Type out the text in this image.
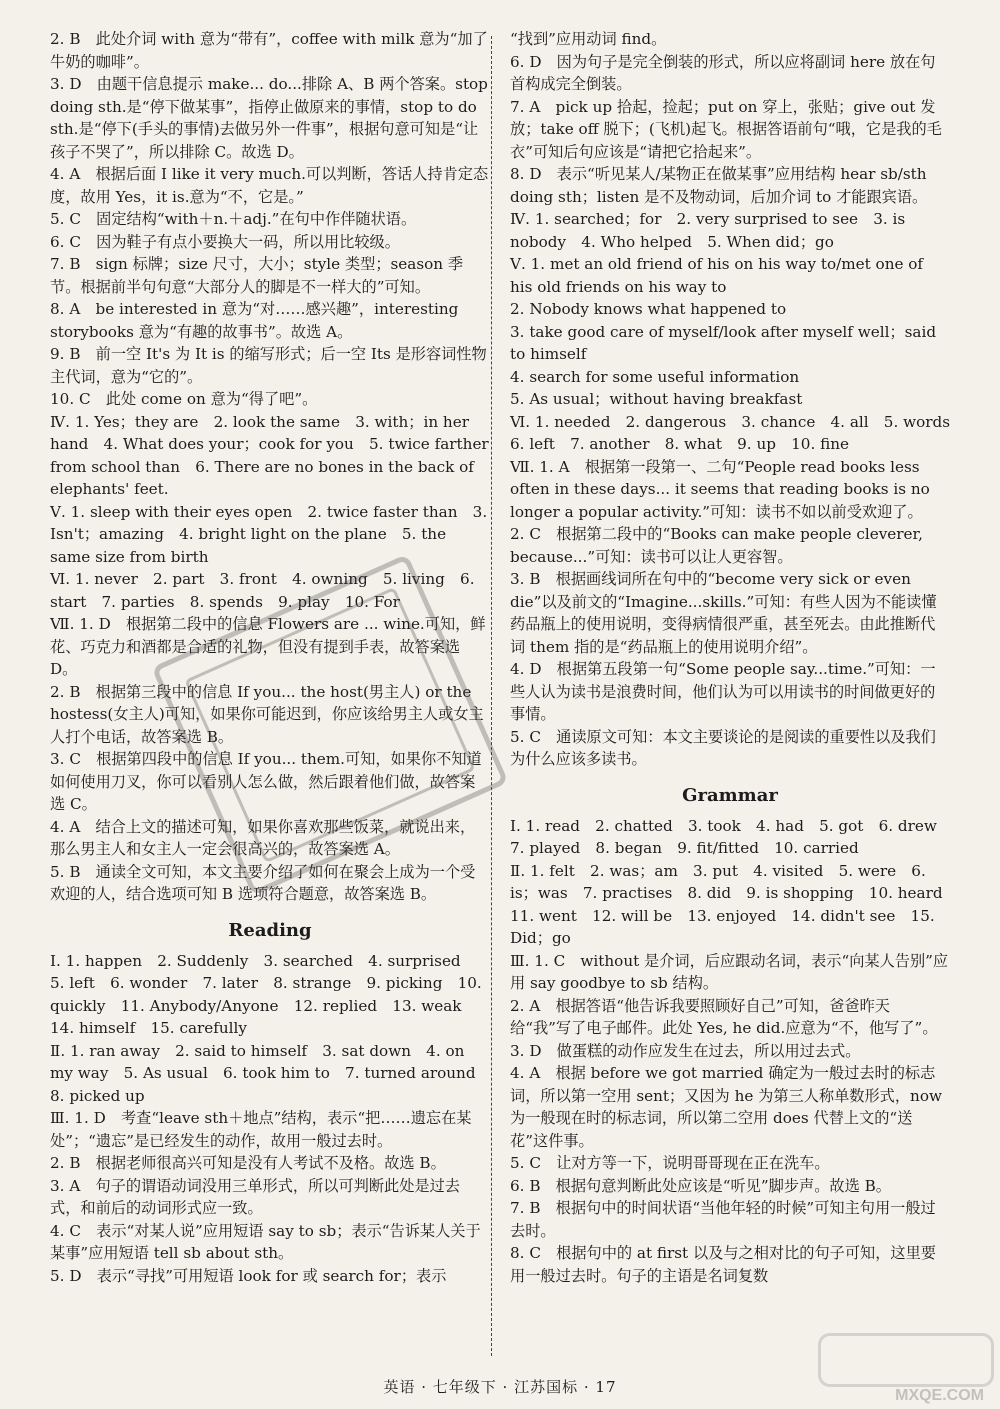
2. B　此处介词 with 意为“带有”，coffee with milk 意为“加了牛奶的咖啡”。

3. D　由题干信息提示 make... do...排除 A、B 两个答案。stop doing sth.是“停下做某事”，指停止做原来的事情，stop to do sth.是“停下(手头的事情)去做另外一件事”，根据句意可知是“让孩子不哭了”，所以排除 C。故选 D。

4. A　根据后面 I like it very much.可以判断，答话人持肯定态度，故用 Yes，it is.意为“不，它是。”

5. C　固定结构“with＋n.＋adj.”在句中作伴随状语。

6. C　因为鞋子有点小要换大一码，所以用比较级。

7. B　sign 标牌；size 尺寸，大小；style 类型；season 季节。根据前半句句意“大部分人的脚是不一样大的”可知。

8. A　be interested in 意为“对……感兴趣”，interesting storybooks 意为“有趣的故事书”。故选 A。

9. B　前一空 It's 为 It is 的缩写形式；后一空 Its 是形容词性物主代词，意为“它的”。

10. C　此处 come on 意为“得了吧”。

Ⅳ. 1. Yes；they are　2. look the same　3. with；in her hand　4. What does your；cook for you　5. twice farther from school than　6. There are no bones in the back of elephants' feet.

Ⅴ. 1. sleep with their eyes open　2. twice faster than　3. Isn't；amazing　4. bright light on the plane　5. the same size from birth

Ⅵ. 1. never　2. part　3. front　4. owning　5. living　6. start　7. parties　8. spends　9. play　10. For

Ⅶ. 1. D　根据第二段中的信息 Flowers are ... wine.可知，鲜花、巧克力和酒都是合适的礼物，但没有提到手表，故答案选 D。

2. B　根据第三段中的信息 If you... the host(男主人) or the hostess(女主人)可知，如果你可能迟到，你应该给男主人或女主人打个电话，故答案选 B。

3. C　根据第四段中的信息 If you... them.可知，如果你不知道如何使用刀叉，你可以看别人怎么做，然后跟着他们做，故答案选 C。

4. A　结合上文的描述可知，如果你喜欢那些饭菜，就说出来，那么男主人和女主人一定会很高兴的，故答案选 A。

5. B　通读全文可知，本文主要介绍了如何在聚会上成为一个受欢迎的人，结合选项可知 B 选项符合题意，故答案选 B。

Reading

Ⅰ. 1. happen　2. Suddenly　3. searched　4. surprised　5. left　6. wonder　7. later　8. strange　9. picking　10. quickly　11. Anybody/Anyone　12. replied　13. weak　14. himself　15. carefully

Ⅱ. 1. ran away　2. said to himself　3. sat down　4. on my way　5. As usual　6. took him to　7. turned around　8. picked up

Ⅲ. 1. D　考查“leave sth＋地点”结构，表示“把……遗忘在某处”；“遗忘”是已经发生的动作，故用一般过去时。

2. B　根据老师很高兴可知是没有人考试不及格。故选 B。

3. A　句子的谓语动词没用三单形式，所以可判断此处是过去式，和前后的动词形式应一致。

4. C　表示“对某人说”应用短语 say to sb；表示“告诉某人关于某事”应用短语 tell sb about sth。

5. D　表示“寻找”可用短语 look for 或 search for；表示

“找到”应用动词 find。

6. D　因为句子是完全倒装的形式，所以应将副词 here 放在句首构成完全倒装。

7. A　pick up 拾起，捡起；put on 穿上，张贴；give out 发放；take off 脱下；(飞机)起飞。根据答语前句“哦，它是我的毛衣”可知后句应该是“请把它拾起来”。

8. D　表示“听见某人/某物正在做某事”应用结构 hear sb/sth doing sth；listen 是不及物动词，后加介词 to 才能跟宾语。

Ⅳ. 1. searched；for　2. very surprised to see　3. is nobody　4. Who helped　5. When did；go

Ⅴ. 1. met an old friend of his on his way to/met one of his old friends on his way to

2. Nobody knows what happened to

3. take good care of myself/look after myself well；said to himself

4. search for some useful information

5. As usual；without having breakfast

Ⅵ. 1. needed　2. dangerous　3. chance　4. all　5. words　6. left　7. another　8. what　9. up　10. fine

Ⅶ. 1. A　根据第一段第一、二句“People read books less often in these days... it seems that reading books is no longer a popular activity.”可知：读书不如以前受欢迎了。

2. C　根据第二段中的“Books can make people cleverer, because...”可知：读书可以让人更容智。

3. B　根据画线词所在句中的“become very sick or even die”以及前文的“Imagine...skills.”可知：有些人因为不能读懂药品瓶上的使用说明，变得病情很严重，甚至死去。由此推断代词 them 指的是“药品瓶上的使用说明介绍”。

4. D　根据第五段第一句“Some people say...time.”可知：一些人认为读书是浪费时间，他们认为可以用读书的时间做更好的事情。

5. C　通读原文可知：本文主要谈论的是阅读的重要性以及我们为什么应该多读书。

Grammar

Ⅰ. 1. read　2. chatted　3. took　4. had　5. got　6. drew　7. played　8. began　9. fit/fitted　10. carried

Ⅱ. 1. felt　2. was；am　3. put　4. visited　5. were　6. is；was　7. practises　8. did　9. is shopping　10. heard　11. went　12. will be　13. enjoyed　14. didn't see　15. Did；go

Ⅲ. 1. C　without 是介词，后应跟动名词，表示“向某人告别”应用 say goodbye to sb 结构。

2. A　根据答语“他告诉我要照顾好自己”可知，爸爸昨天给“我”写了电子邮件。此处 Yes, he did.应意为“不，他写了”。

3. D　做蛋糕的动作应发生在过去，所以用过去式。

4. A　根据 before we got married 确定为一般过去时的标志词，所以第一空用 sent；又因为 he 为第三人称单数形式，now 为一般现在时的标志词，所以第二空用 does 代替上文的“送花”这件事。

5. C　让对方等一下，说明哥哥现在正在洗车。

6. B　根据句意判断此处应该是“听见”脚步声。故选 B。

7. B　根据句中的时间状语“当他年轻的时候”可知主句用一般过去时。

8. C　根据句中的 at first 以及与之相对比的句子可知，这里要用一般过去时。句子的主语是名词复数

英语 · 七年级下 · 江苏国标 · 17	MXQE.COM
